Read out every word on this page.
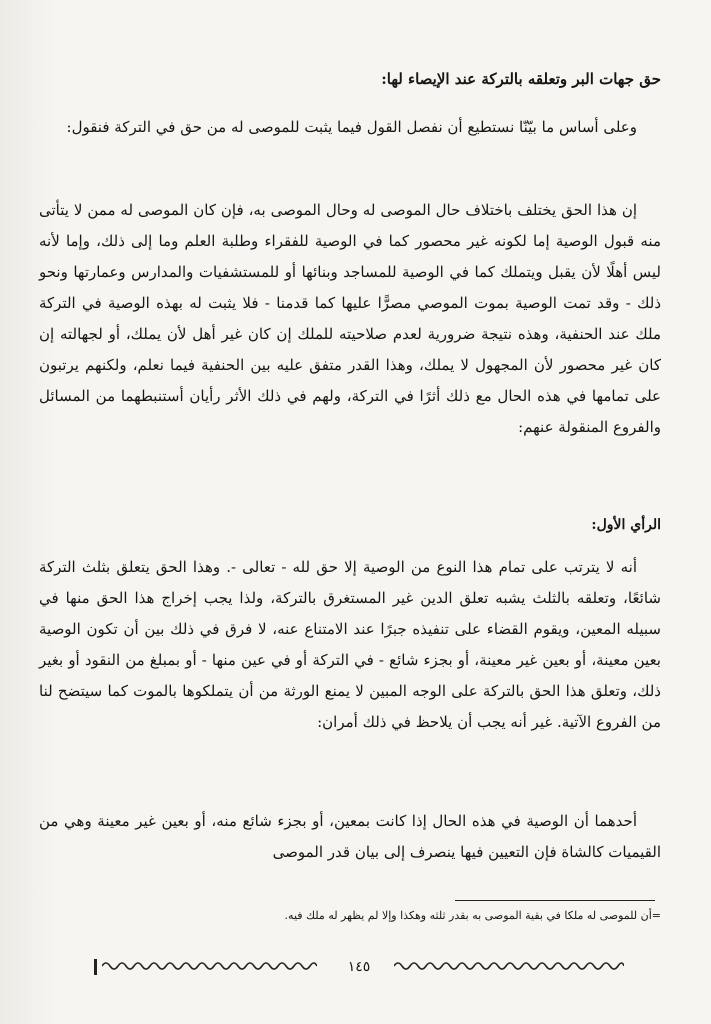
حق جهات البر وتعلقه بالتركة عند الإيصاء لها:
وعلى أساس ما بيّنّا نستطيع أن نفصل القول فيما يثبت للموصى له من حق في التركة فنقول:
إن هذا الحق يختلف باختلاف حال الموصى له وحال الموصى به، فإن كان الموصى له ممن لا يتأتى منه قبول الوصية إما لكونه غير محصور كما في الوصية للفقراء وطلبة العلم وما إلى ذلك، وإما لأنه ليس أهلًا لأن يقبل ويتملك كما في الوصية للمساجد وبنائها أو للمستشفيات والمدارس وعمارتها ونحو ذلك - وقد تمت الوصية بموت الموصي مصرًّا عليها كما قدمنا - فلا يثبت له بهذه الوصية في التركة ملك عند الحنفية، وهذه نتيجة ضرورية لعدم صلاحيته للملك إن كان غير أهل لأن يملك، أو لجهالته إن كان غير محصور لأن المجهول لا يملك، وهذا القدر متفق عليه بين الحنفية فيما نعلم، ولكنهم يرتبون على تمامها في هذه الحال مع ذلك أثرًا في التركة، ولهم في ذلك الأثر رأيان أستنبطهما من المسائل والفروع المنقولة عنهم:
الرأي الأول:
أنه لا يترتب على تمام هذا النوع من الوصية إلا حق لله - تعالى -. وهذا الحق يتعلق بثلث التركة شائعًا، وتعلقه بالثلث يشبه تعلق الدين غير المستغرق بالتركة، ولذا يجب إخراج هذا الحق منها في سبيله المعين، ويقوم القضاء على تنفيذه جبرًا عند الامتناع عنه، لا فرق في ذلك بين أن تكون الوصية بعين معينة، أو بعين غير معينة، أو بجزء شائع - في التركة أو في عين منها - أو بمبلغ من النقود أو بغير ذلك، وتعلق هذا الحق بالتركة على الوجه المبين لا يمنع الورثة من أن يتملكوها بالموت كما سيتضح لنا من الفروع الآتية. غير أنه يجب أن يلاحظ في ذلك أمران:
أحدهما أن الوصية في هذه الحال إذا كانت بمعين، أو بجزء شائع منه، أو بعين غير معينة وهي من القيميات كالشاة فإن التعيين فيها ينصرف إلى بيان قدر الموصى
=أن للموصى له ملكا في بقية الموصى به بقدر ثلثه وهكذا وإلا لم يظهر له ملك فيه.
١٤٥
